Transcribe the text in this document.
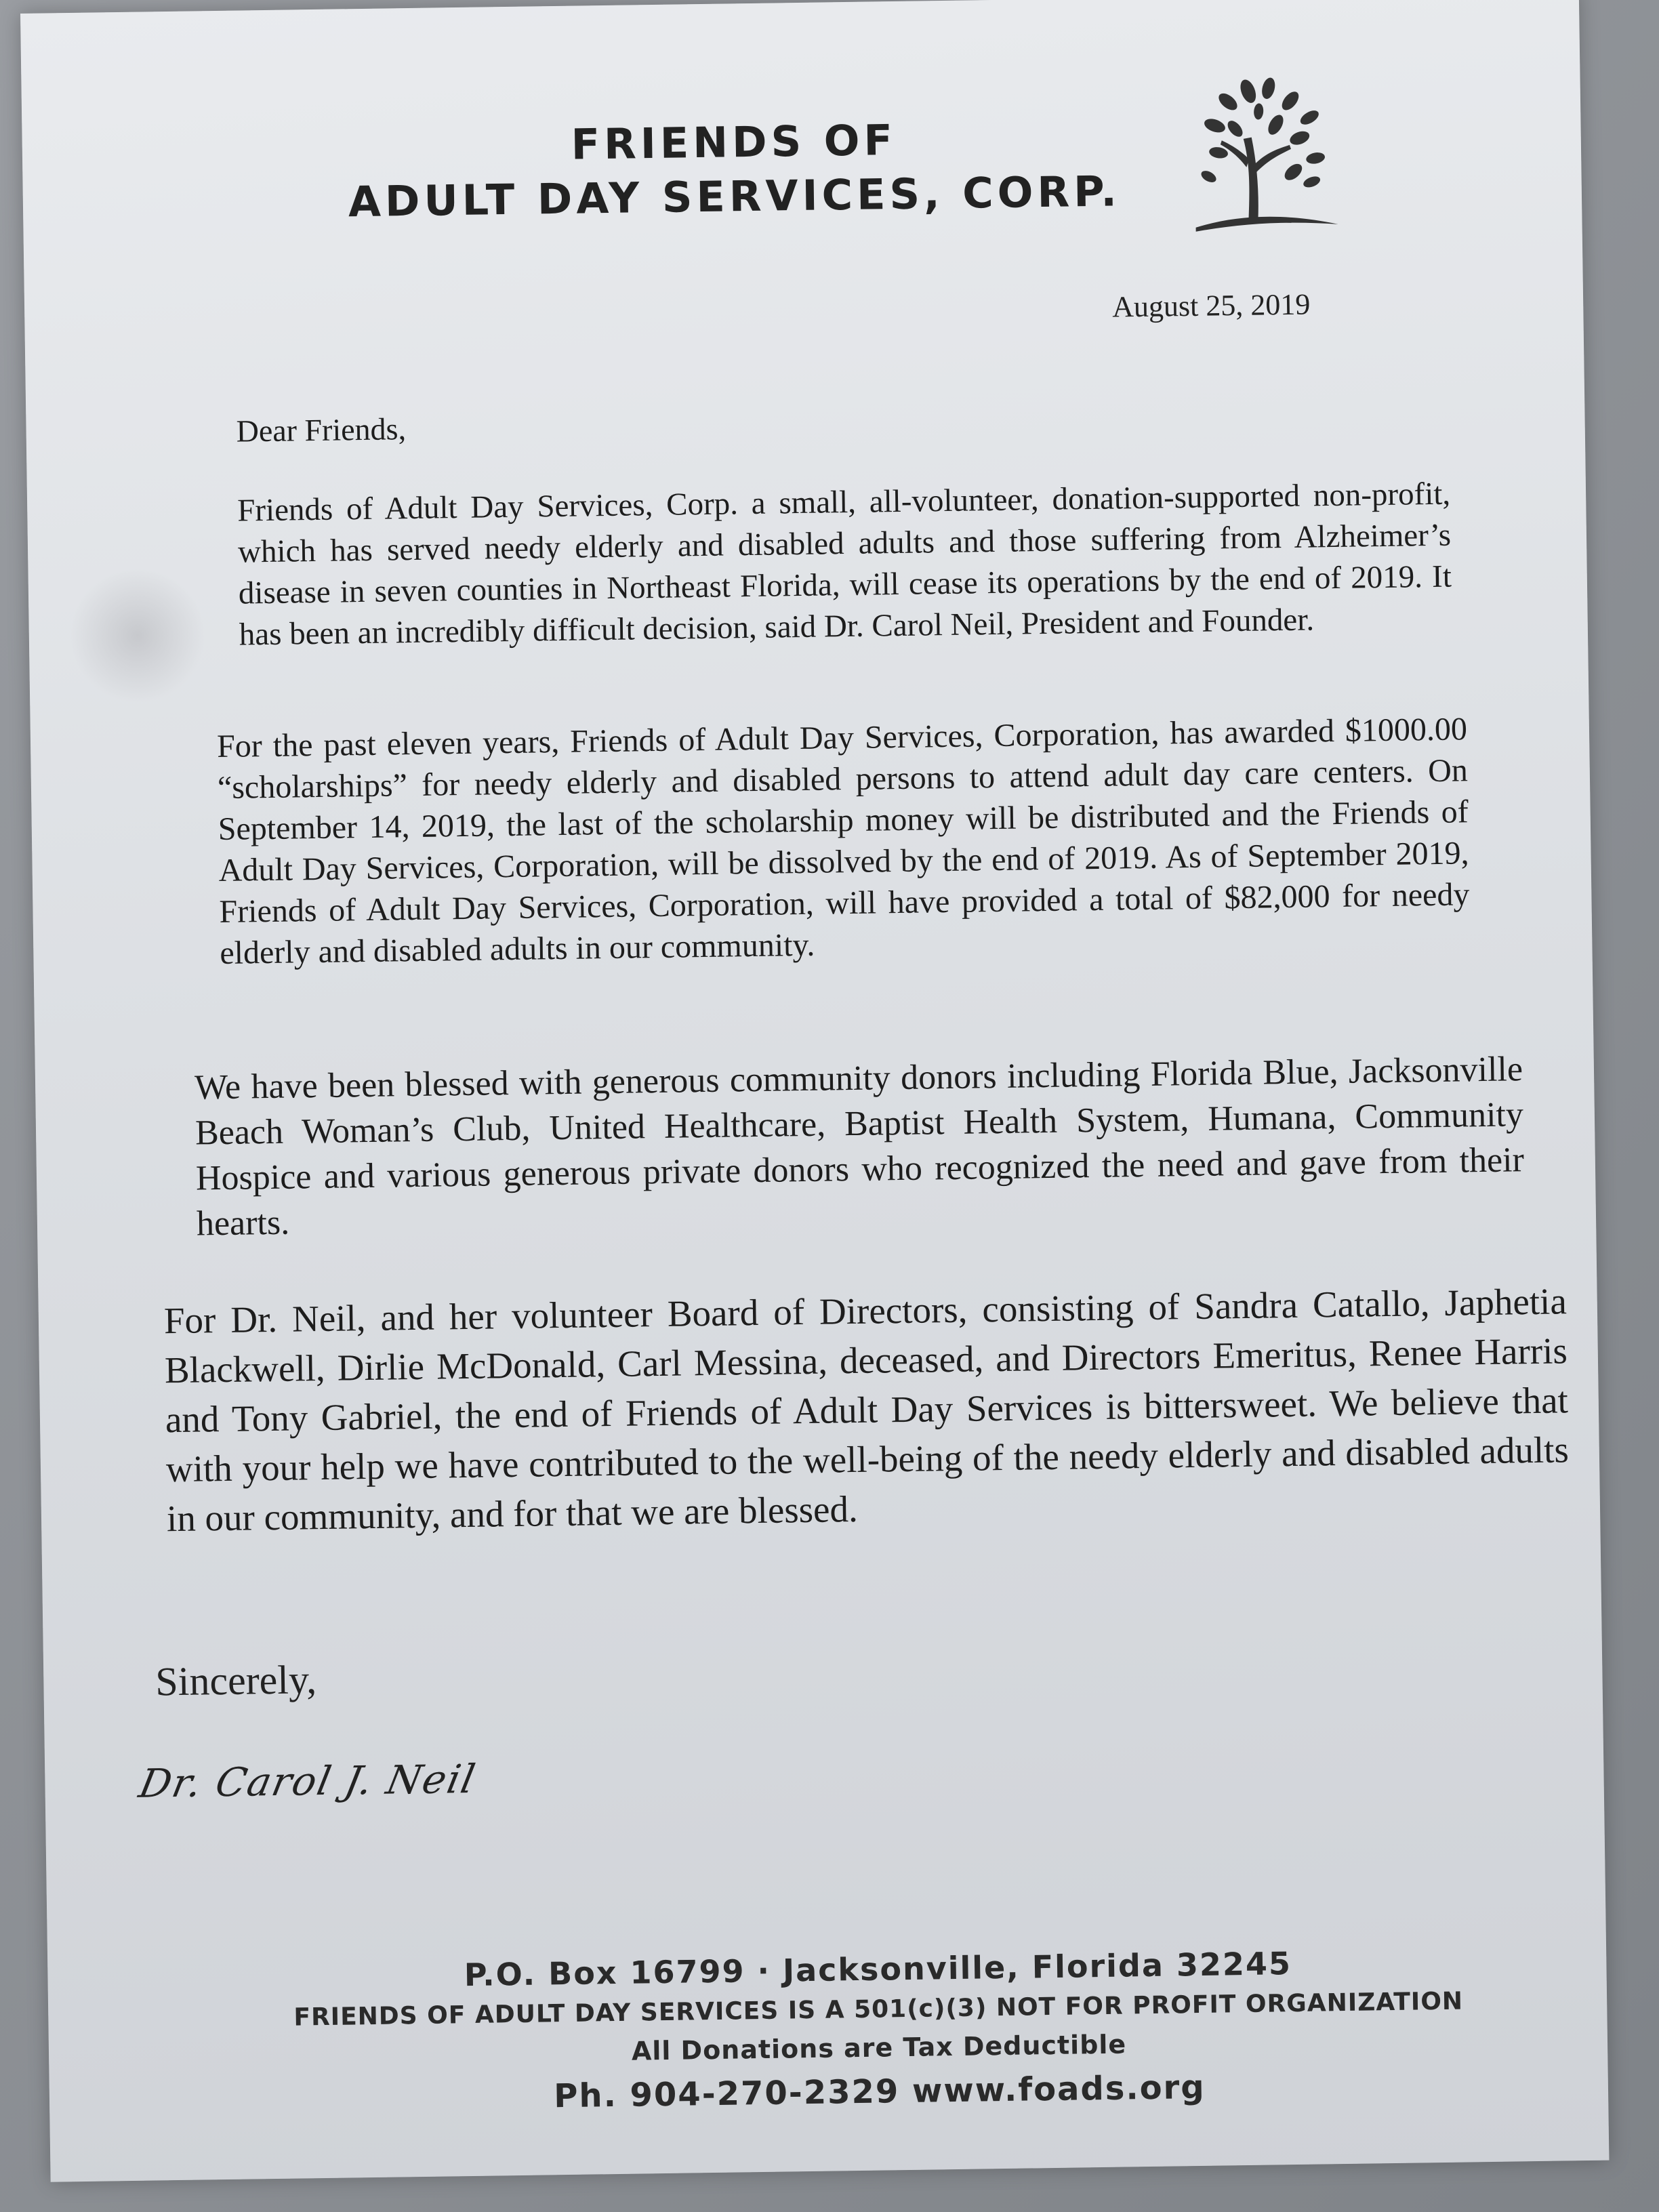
FRIENDS OF
ADULT DAY SERVICES, CORP.
August 25, 2019

Dear Friends,

Friends of Adult Day Services, Corp. a small, all-volunteer, donation-supported non-profit, which has served needy elderly and disabled adults and those suffering from Alzheimer’s disease in seven counties in Northeast Florida, will cease its operations by the end of 2019. It has been an incredibly difficult decision, said Dr. Carol Neil, President and Founder.

For the past eleven years, Friends of Adult Day Services, Corporation, has awarded $1000.00 “scholarships” for needy elderly and disabled persons to attend adult day care centers. On September 14, 2019, the last of the scholarship money will be distributed and the Friends of Adult Day Services, Corporation, will be dissolved by the end of 2019. As of September 2019, Friends of Adult Day Services, Corporation, will have provided a total of $82,000 for needy elderly and disabled adults in our community.

We have been blessed with generous community donors including Florida Blue, Jacksonville Beach Woman’s Club, United Healthcare, Baptist Health System, Humana, Community Hospice and various generous private donors who recognized the need and gave from their hearts.

For Dr. Neil, and her volunteer Board of Directors, consisting of Sandra Catallo, Japhetia Blackwell, Dirlie McDonald, Carl Messina, deceased, and Directors Emeritus, Renee Harris and Tony Gabriel, the end of Friends of Adult Day Services is bittersweet. We believe that with your help we have contributed to the well-being of the needy elderly and disabled adults in our community, and for that we are blessed.

Sincerely,
Dr. Carol J. Neil
P.O. Box 16799 · Jacksonville, Florida 32245
FRIENDS OF ADULT DAY SERVICES IS A 501(c)(3) NOT FOR PROFIT ORGANIZATION
All Donations are Tax Deductible
Ph. 904-270-2329 www.foads.org
